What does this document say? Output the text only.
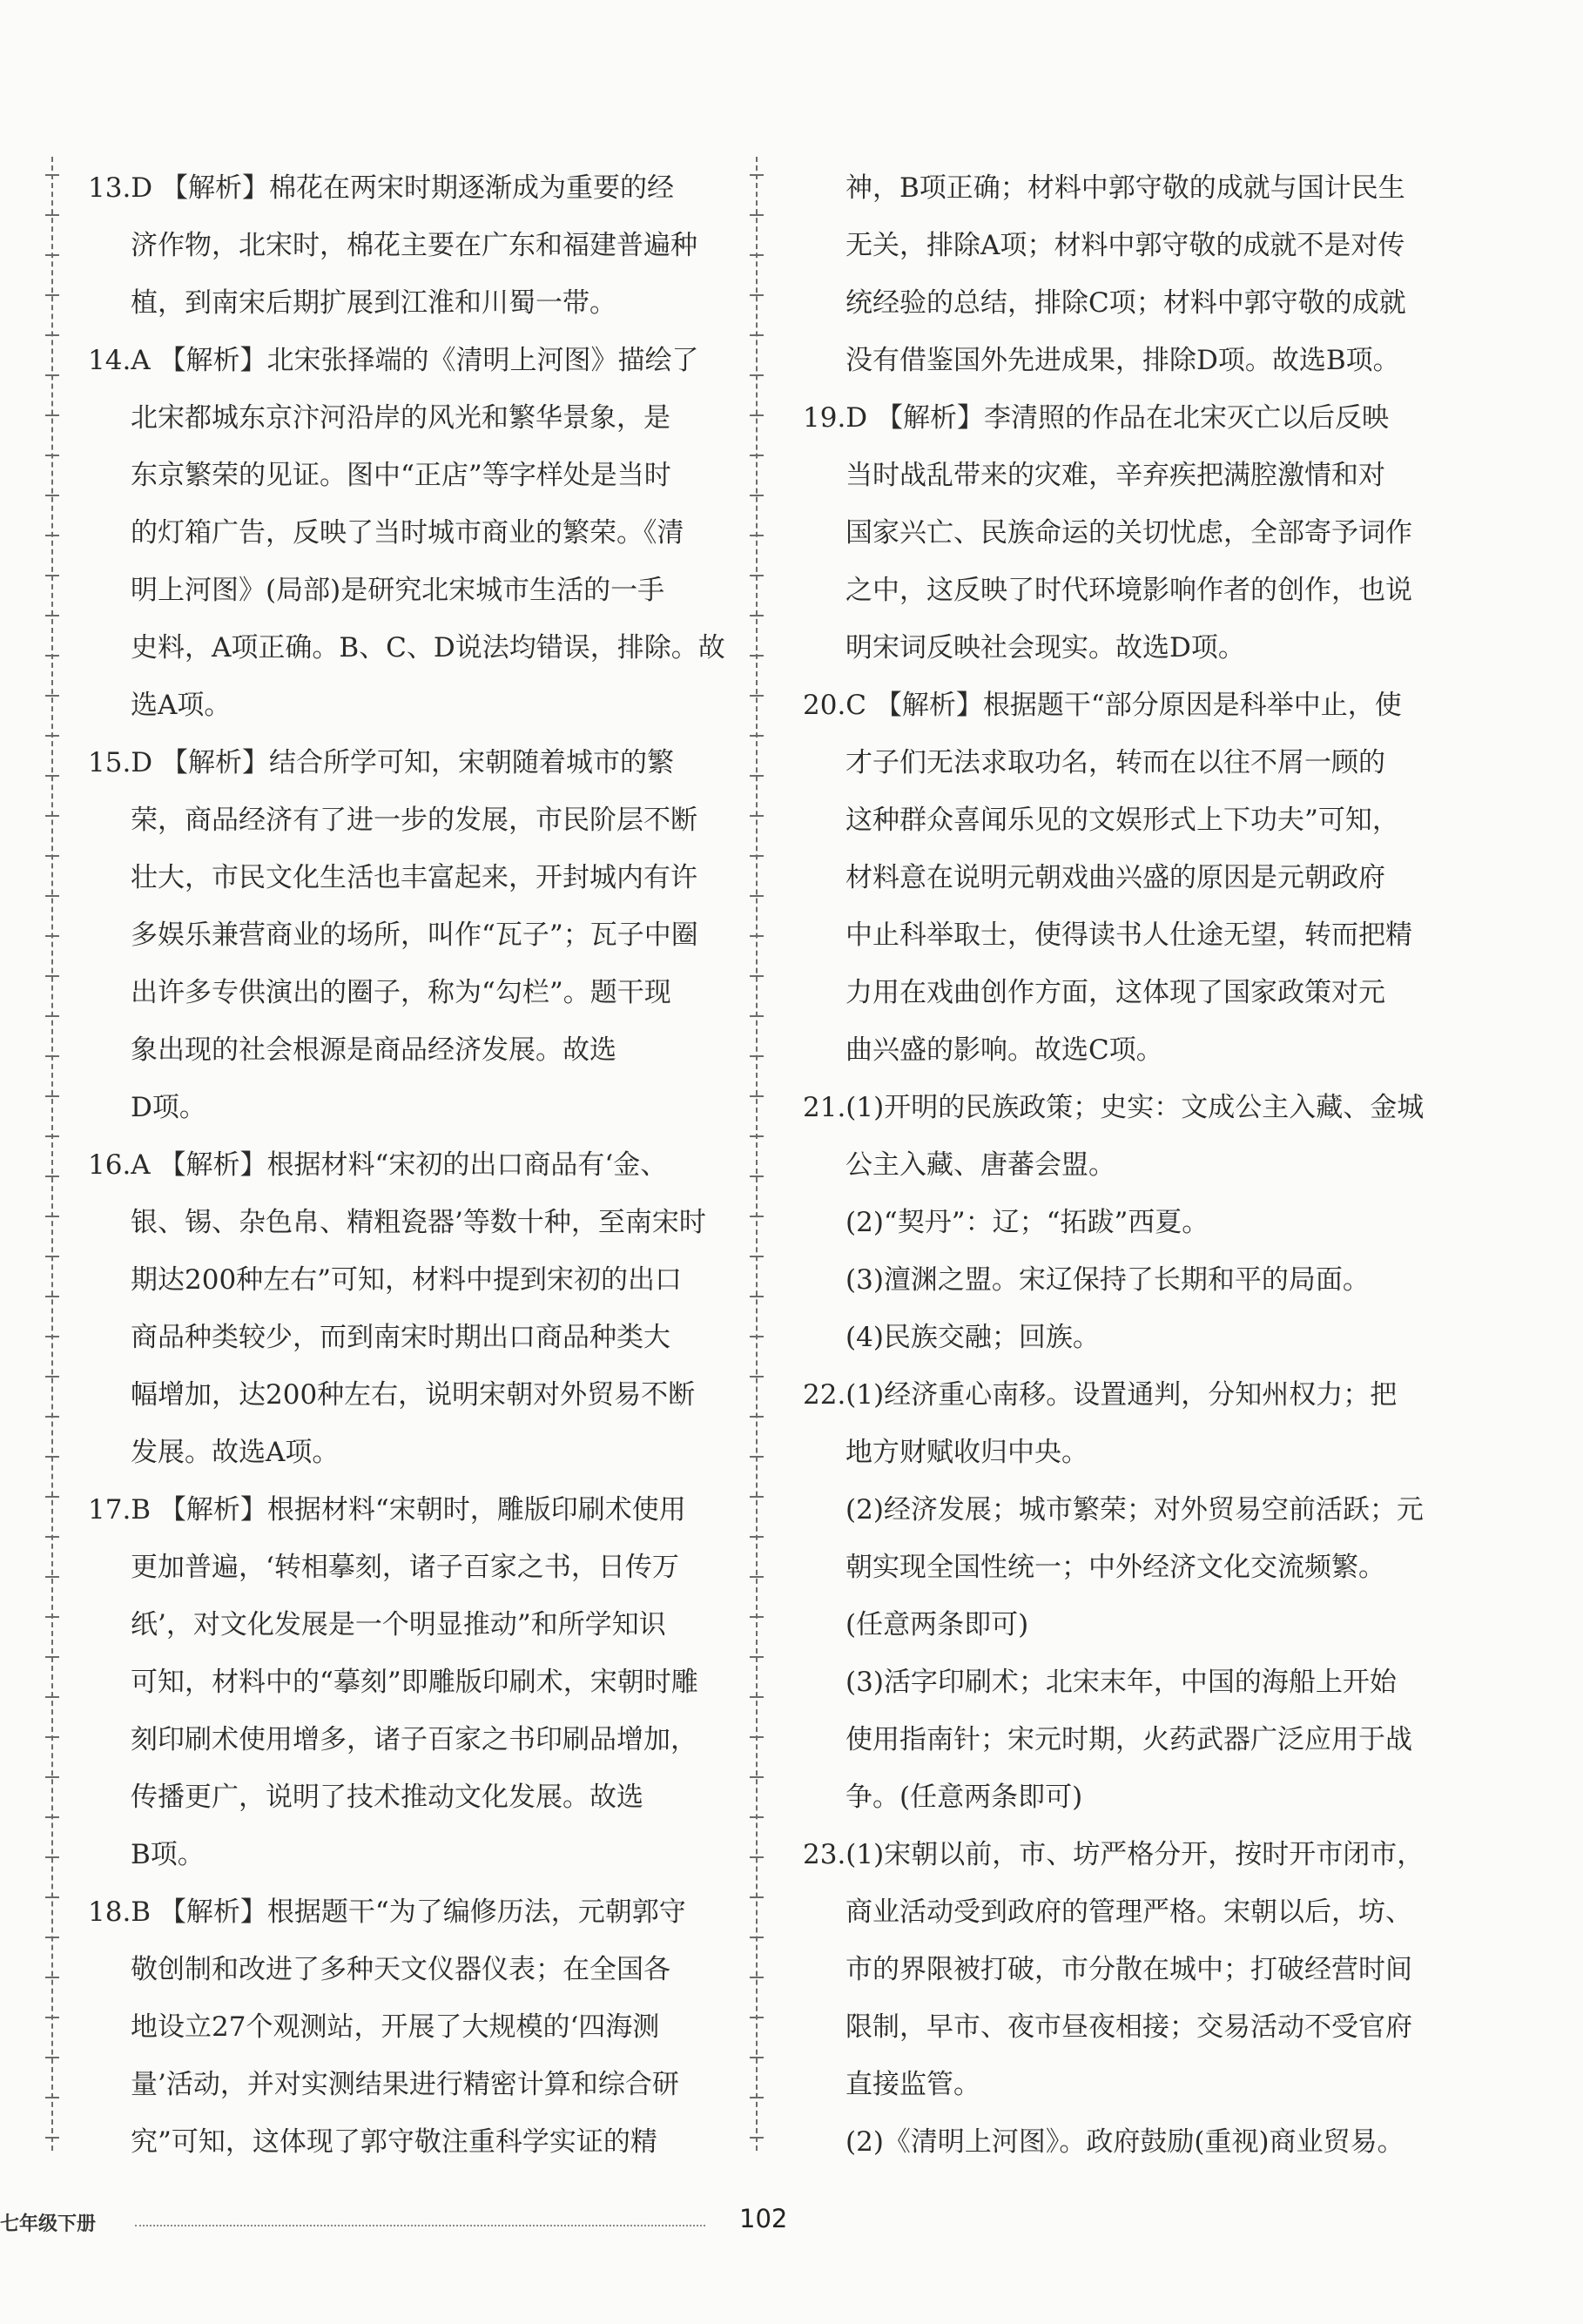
13.D 【解析】棉花在两宋时期逐渐成为重要的经
济作物，北宋时，棉花主要在广东和福建普遍种
植，到南宋后期扩展到江淮和川蜀一带。
14.A 【解析】北宋张择端的《清明上河图》描绘了
北宋都城东京汴河沿岸的风光和繁华景象，是
东京繁荣的见证。图中“正店”等字样处是当时
的灯箱广告，反映了当时城市商业的繁荣。《清
明上河图》(局部)是研究北宋城市生活的一手
史料，A项正确。B、C、D说法均错误，排除。故
选A项。
15.D 【解析】结合所学可知，宋朝随着城市的繁
荣，商品经济有了进一步的发展，市民阶层不断
壮大，市民文化生活也丰富起来，开封城内有许
多娱乐兼营商业的场所，叫作“瓦子”；瓦子中圈
出许多专供演出的圈子，称为“勾栏”。题干现
象出现的社会根源是商品经济发展。故选
D项。
16.A 【解析】根据材料“宋初的出口商品有‘金、
银、锡、杂色帛、精粗瓷器’等数十种，至南宋时
期达200种左右”可知，材料中提到宋初的出口
商品种类较少，而到南宋时期出口商品种类大
幅增加，达200种左右，说明宋朝对外贸易不断
发展。故选A项。
17.B 【解析】根据材料“宋朝时，雕版印刷术使用
更加普遍，‘转相摹刻，诸子百家之书，日传万
纸’，对文化发展是一个明显推动”和所学知识
可知，材料中的“摹刻”即雕版印刷术，宋朝时雕
刻印刷术使用增多，诸子百家之书印刷品增加，
传播更广，说明了技术推动文化发展。故选
B项。
18.B 【解析】根据题干“为了编修历法，元朝郭守
敬创制和改进了多种天文仪器仪表；在全国各
地设立27个观测站，开展了大规模的‘四海测
量’活动，并对实测结果进行精密计算和综合研
究”可知，这体现了郭守敬注重科学实证的精
神，B项正确；材料中郭守敬的成就与国计民生
无关，排除A项；材料中郭守敬的成就不是对传
统经验的总结，排除C项；材料中郭守敬的成就
没有借鉴国外先进成果，排除D项。故选B项。
19.D 【解析】李清照的作品在北宋灭亡以后反映
当时战乱带来的灾难，辛弃疾把满腔激情和对
国家兴亡、民族命运的关切忧虑，全部寄予词作
之中，这反映了时代环境影响作者的创作，也说
明宋词反映社会现实。故选D项。
20.C 【解析】根据题干“部分原因是科举中止，使
才子们无法求取功名，转而在以往不屑一顾的
这种群众喜闻乐见的文娱形式上下功夫”可知，
材料意在说明元朝戏曲兴盛的原因是元朝政府
中止科举取士，使得读书人仕途无望，转而把精
力用在戏曲创作方面，这体现了国家政策对元
曲兴盛的影响。故选C项。
21.(1)开明的民族政策；史实：文成公主入藏、金城
公主入藏、唐蕃会盟。
(2)“契丹”：辽；“拓跋”西夏。
(3)澶渊之盟。宋辽保持了长期和平的局面。
(4)民族交融；回族。
22.(1)经济重心南移。设置通判，分知州权力；把
地方财赋收归中央。
(2)经济发展；城市繁荣；对外贸易空前活跃；元
朝实现全国性统一；中外经济文化交流频繁。
(任意两条即可)
(3)活字印刷术；北宋末年，中国的海船上开始
使用指南针；宋元时期，火药武器广泛应用于战
争。(任意两条即可)
23.(1)宋朝以前，市、坊严格分开，按时开市闭市，
商业活动受到政府的管理严格。宋朝以后，坊、
市的界限被打破，市分散在城中；打破经营时间
限制，早市、夜市昼夜相接；交易活动不受官府
直接监管。
(2)《清明上河图》。政府鼓励(重视)商业贸易。
七年级下册	102
